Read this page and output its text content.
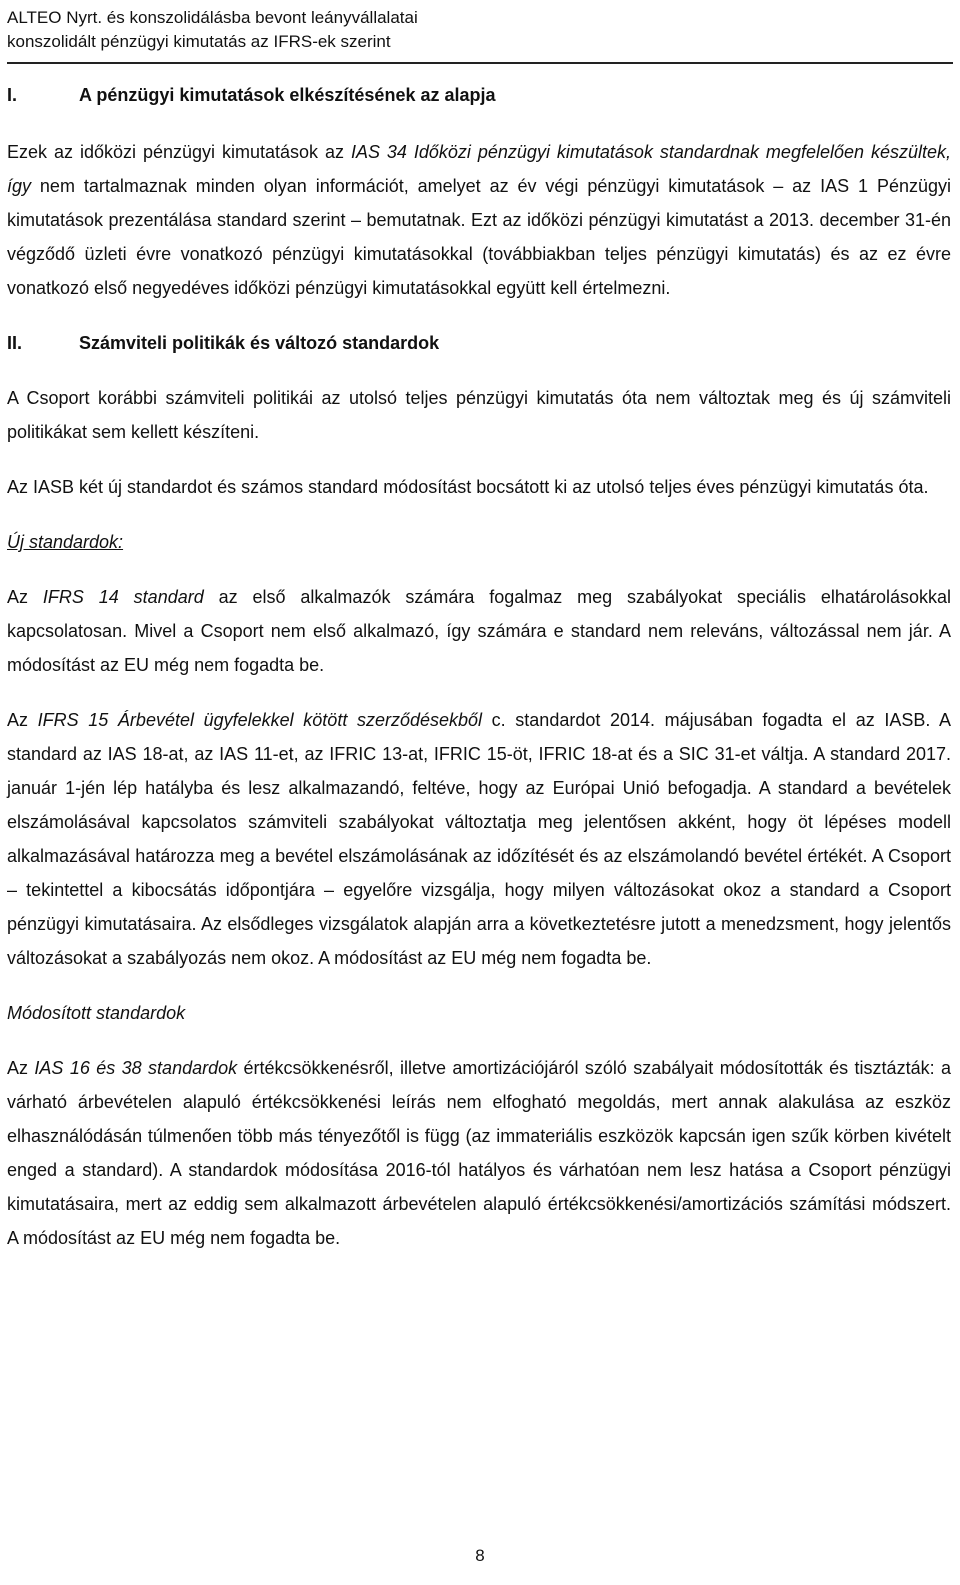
ALTEO Nyrt. és konszolidálásba bevont leányvállalatai
konszolidált pénzügyi kimutatás az IFRS-ek szerint
I.	A pénzügyi kimutatások elkészítésének az alapja

Ezek az időközi pénzügyi kimutatások az IAS 34 Időközi pénzügyi kimutatások standardnak megfelelően készültek, így nem tartalmaznak minden olyan információt, amelyet az év végi pénzügyi kimutatások – az IAS 1 Pénzügyi kimutatások prezentálása standard szerint – bemutatnak. Ezt az időközi pénzügyi kimutatást a 2013. december 31-én végződő üzleti évre vonatkozó pénzügyi kimutatásokkal (továbbiakban teljes pénzügyi kimutatás) és az ez évre vonatkozó első negyedéves időközi pénzügyi kimutatásokkal együtt kell értelmezni.

II.	Számviteli politikák és változó standardok

A Csoport korábbi számviteli politikái az utolsó teljes pénzügyi kimutatás óta nem változtak meg és új számviteli politikákat sem kellett készíteni.

Az IASB két új standardot és számos standard módosítást bocsátott ki az utolsó teljes éves pénzügyi kimutatás óta.

Új standardok:

Az IFRS 14 standard az első alkalmazók számára fogalmaz meg szabályokat speciális elhatárolásokkal kapcsolatosan. Mivel a Csoport nem első alkalmazó, így számára e standard nem releváns, változással nem jár. A módosítást az EU még nem fogadta be.

Az IFRS 15 Árbevétel ügyfelekkel kötött szerződésekből c. standardot 2014. májusában fogadta el az IASB. A standard az IAS 18-at, az IAS 11-et, az IFRIC 13-at, IFRIC 15-öt, IFRIC 18-at és a SIC 31-et váltja. A standard 2017. január 1-jén lép hatályba és lesz alkalmazandó, feltéve, hogy az Európai Unió befogadja. A standard a bevételek elszámolásával kapcsolatos számviteli szabályokat változtatja meg jelentősen akként, hogy öt lépéses modell alkalmazásával határozza meg a bevétel elszámolásának az időzítését és az elszámolandó bevétel értékét. A Csoport – tekintettel a kibocsátás időpontjára – egyelőre vizsgálja, hogy milyen változásokat okoz a standard a Csoport pénzügyi kimutatásaira. Az elsődleges vizsgálatok alapján arra a következtetésre jutott a menedzsment, hogy jelentős változásokat a szabályozás nem okoz. A módosítást az EU még nem fogadta be.

Módosított standardok

Az IAS 16 és 38 standardok értékcsökkenésről, illetve amortizációjáról szóló szabályait módosították és tisztázták: a várható árbevételen alapuló értékcsökkenési leírás nem elfogható megoldás, mert annak alakulása az eszköz elhasználódásán túlmenően több más tényezőtől is függ (az immateriális eszközök kapcsán igen szűk körben kivételt enged a standard). A standardok módosítása 2016-tól hatályos és várhatóan nem lesz hatása a Csoport pénzügyi kimutatásaira, mert az eddig sem alkalmazott árbevételen alapuló értékcsökkenési/amortizációs számítási módszert. A módosítást az EU még nem fogadta be.

8
